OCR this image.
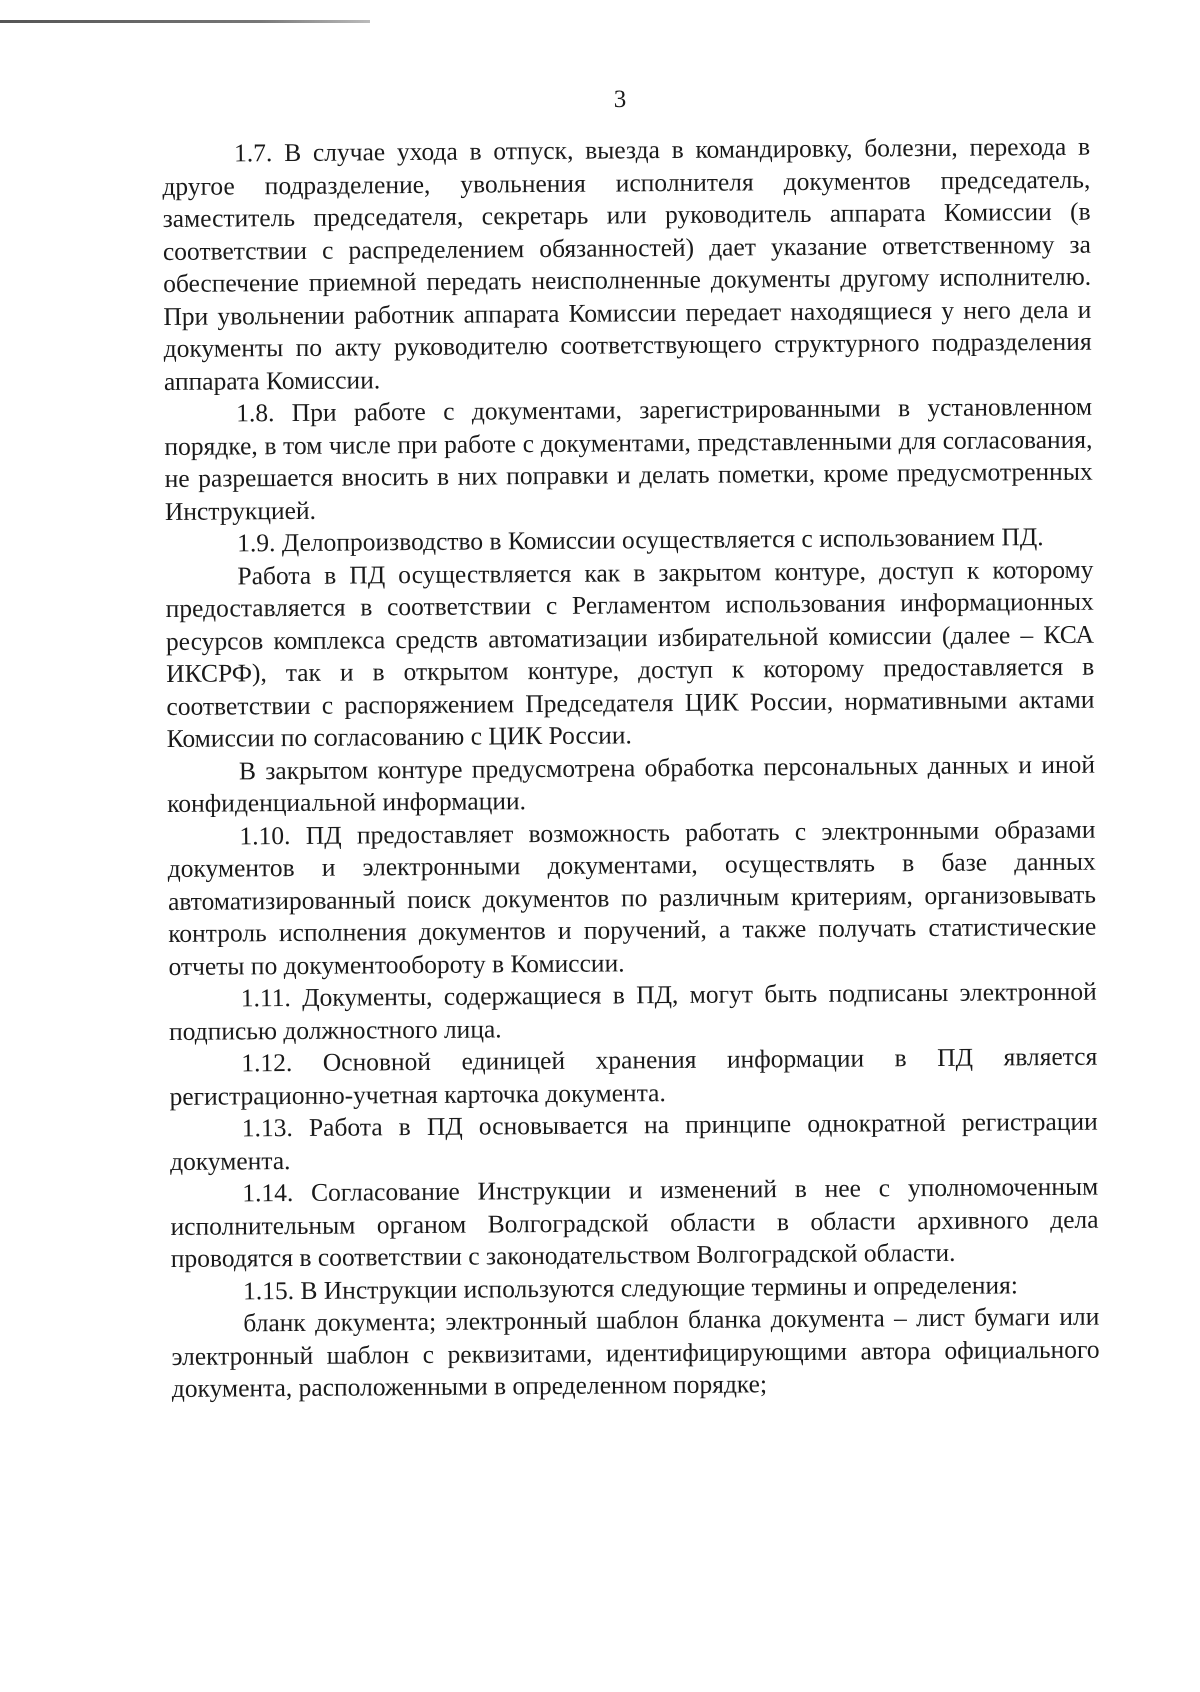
3

1.7. В случае ухода в отпуск, выезда в командировку, болезни, перехода в другое подразделение, увольнения исполнителя документов председатель, заместитель председателя, секретарь или руководитель аппарата Комиссии (в соответствии с распределением обязанностей) дает указание ответственному за обеспечение приемной передать неисполненные документы другому исполнителю. При увольнении работник аппарата Комиссии передает находящиеся у него дела и документы по акту руководителю соответствующего структурного подразделения аппарата Комиссии.

1.8. При работе с документами, зарегистрированными в установленном порядке, в том числе при работе с документами, представленными для согласования, не разрешается вносить в них поправки и делать пометки, кроме предусмотренных Инструкцией.

1.9. Делопроизводство в Комиссии осуществляется с использованием ПД.

Работа в ПД осуществляется как в закрытом контуре, доступ к которому предоставляется в соответствии с Регламентом использования информационных ресурсов комплекса средств автоматизации избирательной комиссии (далее – КСА ИКСРФ), так и в открытом контуре, доступ к которому предоставляется в соответствии с распоряжением Председателя ЦИК России, нормативными актами Комиссии по согласованию с ЦИК России.

В закрытом контуре предусмотрена обработка персональных данных и иной конфиденциальной информации.

1.10. ПД предоставляет возможность работать с электронными образами документов и электронными документами, осуществлять в базе данных автоматизированный поиск документов по различным критериям, организовывать контроль исполнения документов и поручений, а также получать статистические отчеты по документообороту в Комиссии.

1.11. Документы, содержащиеся в ПД, могут быть подписаны электронной подписью должностного лица.

1.12. Основной единицей хранения информации в ПД является регистрационно-учетная карточка документа.

1.13. Работа в ПД основывается на принципе однократной регистрации документа.

1.14. Согласование Инструкции и изменений в нее с уполномоченным исполнительным органом Волгоградской области в области архивного дела проводятся в соответствии с законодательством Волгоградской области.

1.15. В Инструкции используются следующие термины и определения:

бланк документа; электронный шаблон бланка документа – лист бумаги или электронный шаблон с реквизитами, идентифицирующими автора официального документа, расположенными в определенном порядке;
